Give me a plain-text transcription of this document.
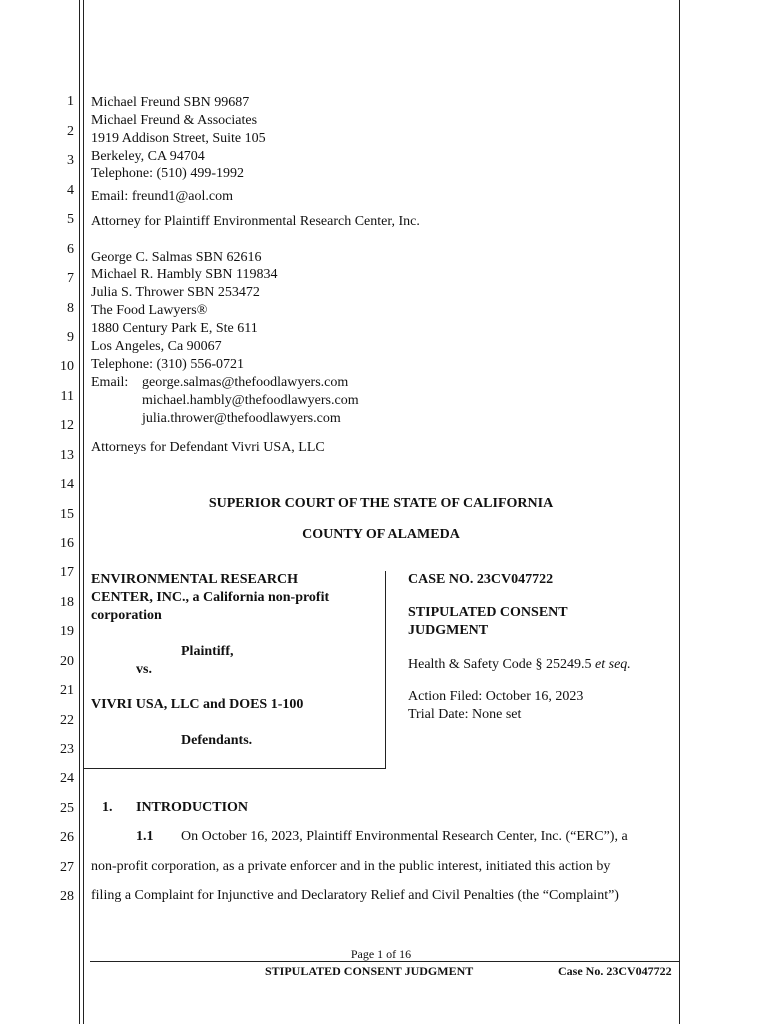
1
2
3
4
5
6
7
8
9
10
11
12
13
14
15
16
17
18
19
20
21
22
23
24
25
26
27
28
Michael Freund SBN 99687
Michael Freund & Associates
1919 Addison Street, Suite 105
Berkeley, CA 94704
Telephone: (510) 499-1992
Email: freund1@aol.com
Attorney for Plaintiff Environmental Research Center, Inc.
George C. Salmas SBN 62616
Michael R. Hambly SBN 119834
Julia S. Thrower SBN 253472
The Food Lawyers®
1880 Century Park E, Ste 611
Los Angeles, Ca 90067
Telephone: (310) 556-0721
Email: george.salmas@thefoodlawyers.com
michael.hambly@thefoodlawyers.com
julia.thrower@thefoodlawyers.com
Attorneys for Defendant Vivri USA, LLC
SUPERIOR COURT OF THE STATE OF CALIFORNIA
COUNTY OF ALAMEDA
ENVIRONMENTAL RESEARCH
CENTER, INC., a California non-profit
corporation
Plaintiff,
vs.
VIVRI USA, LLC and DOES 1-100
Defendants.
CASE NO. 23CV047722
STIPULATED CONSENT
JUDGMENT
Health & Safety Code § 25249.5 et seq.
Action Filed: October 16, 2023
Trial Date: None set
1. INTRODUCTION
1.1 On October 16, 2023, Plaintiff Environmental Research Center, Inc. (“ERC”), a
non-profit corporation, as a private enforcer and in the public interest, initiated this action by
filing a Complaint for Injunctive and Declaratory Relief and Civil Penalties (the “Complaint”)
Page 1 of 16
STIPULATED CONSENT JUDGMENT	Case No. 23CV047722
